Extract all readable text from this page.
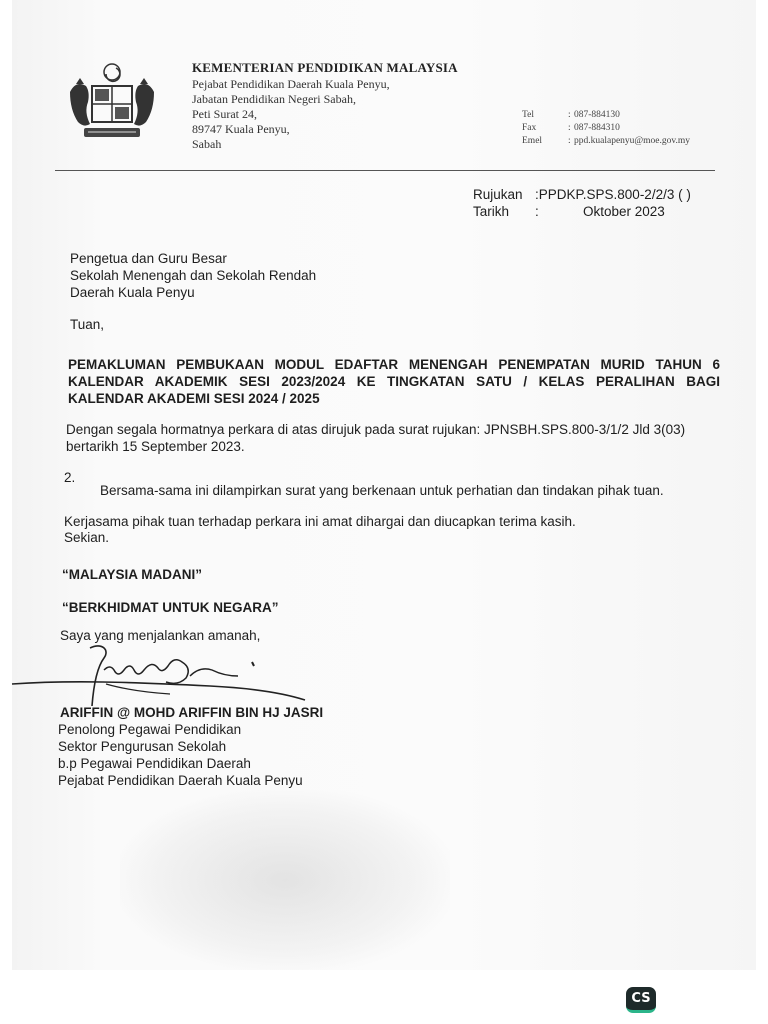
KEMENTERIAN PENDIDIKAN MALAYSIA
Pejabat Pendidikan Daerah Kuala Penyu,
Jabatan Pendidikan Negeri Sabah,
Peti Surat 24,
89747 Kuala Penyu,
Sabah
Tel	: 087-884130
Fax	: 087-884310
Emel	: ppd.kualapenyu@moe.gov.my
Rujukan :PPDKP.SPS.800-2/2/3 ( )
Tarikh	:	Oktober 2023
Pengetua dan Guru Besar
Sekolah Menengah dan Sekolah Rendah
Daerah Kuala Penyu
Tuan,
PEMAKLUMAN PEMBUKAAN MODUL EDAFTAR MENENGAH PENEMPATAN MURID TAHUN 6 KALENDAR AKADEMIK SESI 2023/2024 KE TINGKATAN SATU / KELAS PERALIHAN BAGI KALENDAR AKADEMI SESI 2024 / 2025
Dengan segala hormatnya perkara di atas dirujuk pada surat rujukan: JPNSBH.SPS.800-3/1/2 Jld 3(03) bertarikh 15 September 2023.
2.
Bersama-sama ini dilampirkan surat yang berkenaan untuk perhatian dan tindakan pihak tuan.
Kerjasama pihak tuan terhadap perkara ini amat dihargai dan diucapkan terima kasih.
Sekian.
“MALAYSIA MADANI”
“BERKHIDMAT UNTUK NEGARA”
Saya yang menjalankan amanah,
ARIFFIN @ MOHD ARIFFIN BIN HJ JASRI
Penolong Pegawai Pendidikan
Sektor Pengurusan Sekolah
b.p Pegawai Pendidikan Daerah
Pejabat Pendidikan Daerah Kuala Penyu
CS
